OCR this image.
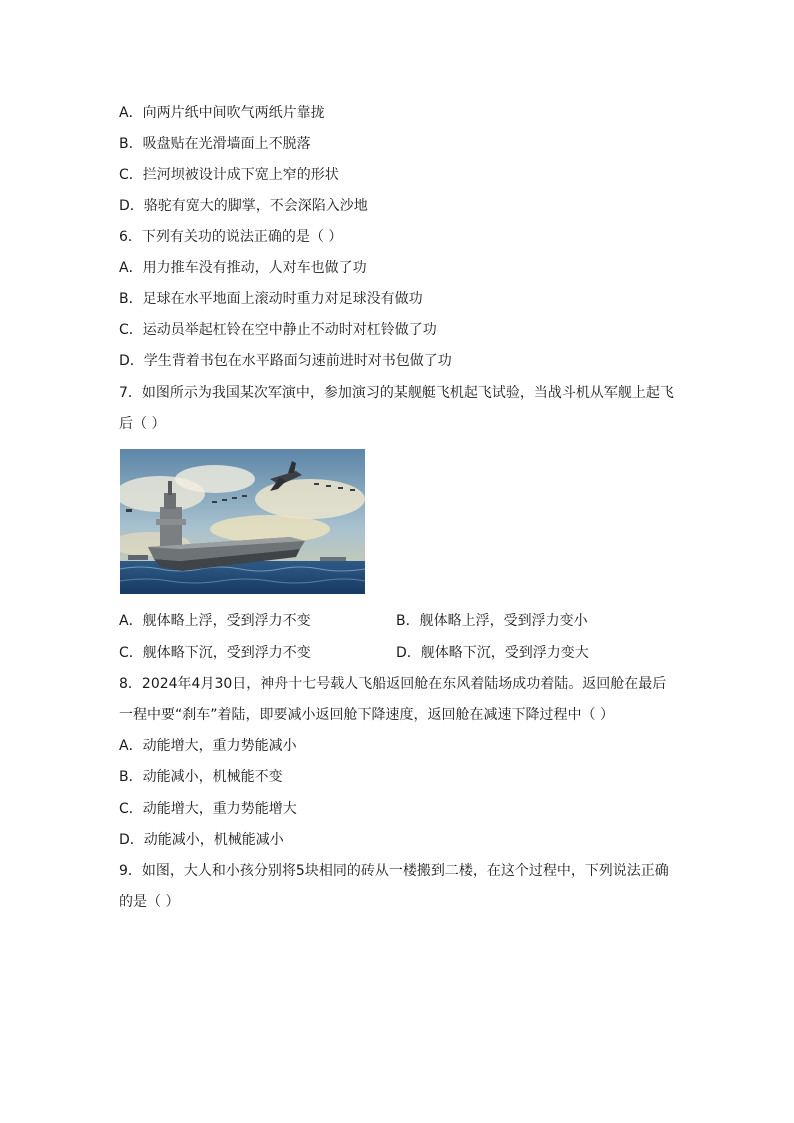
A．向两片纸中间吹气两纸片靠拢
B．吸盘贴在光滑墙面上不脱落
C．拦河坝被设计成下宽上窄的形状
D．骆驼有宽大的脚掌，不会深陷入沙地
6．下列有关功的说法正确的是（ ）
A．用力推车没有推动，人对车也做了功
B．足球在水平地面上滚动时重力对足球没有做功
C．运动员举起杠铃在空中静止不动时对杠铃做了功
D．学生背着书包在水平路面匀速前进时对书包做了功
7．如图所示为我国某次军演中，参加演习的某舰艇飞机起飞试验，当战斗机从军舰上起飞
后（ ）
A．舰体略上浮，受到浮力不变	B．舰体略上浮，受到浮力变小
C．舰体略下沉，受到浮力不变	D．舰体略下沉，受到浮力变大
8．2024年4月30日，神舟十七号载人飞船返回舱在东风着陆场成功着陆。返回舱在最后
一程中要“刹车”着陆，即要减小返回舱下降速度，返回舱在减速下降过程中（ ）
A．动能增大，重力势能减小
B．动能减小，机械能不变
C．动能增大，重力势能增大
D．动能减小，机械能减小
9．如图，大人和小孩分别将5块相同的砖从一楼搬到二楼，在这个过程中，下列说法正确
的是（ ）
